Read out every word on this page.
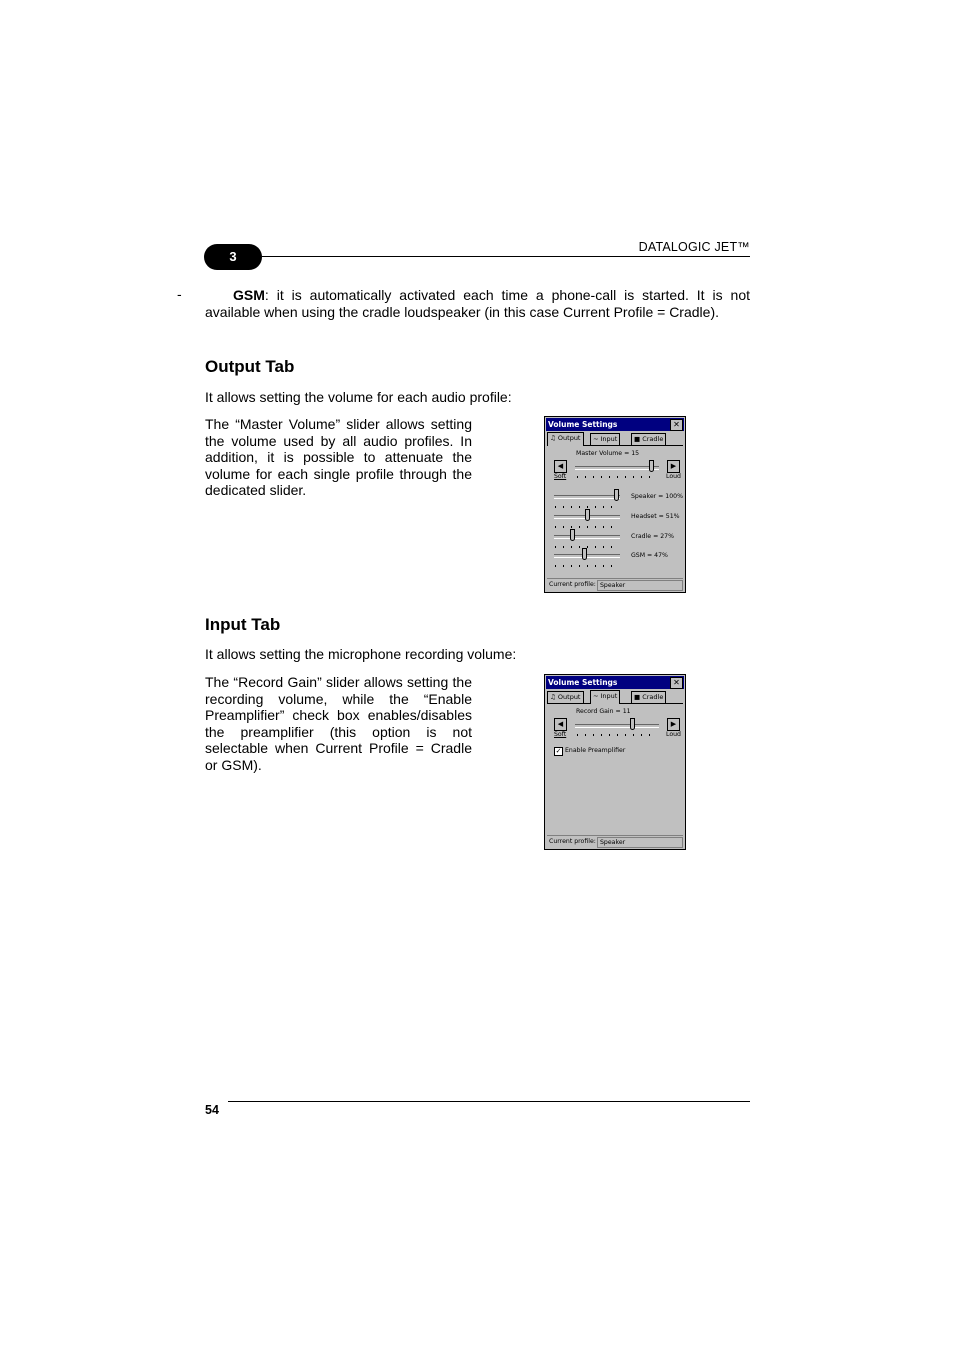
3
DATALOGIC JET™
-	GSM: it is automatically activated each time a phone-call is started. It is not available when using the cradle loudspeaker (in this case Current Profile = Cradle).
Output Tab
It allows setting the volume for each audio profile:
The “Master Volume” slider allows setting the volume used by all audio profiles. In addition, it is possible to attenuate the volume for each single profile through the dedicated slider.
Volume Settings	✕
♫ Output	∼ Input	■ Cradle
Master Volume = 15
◀	▶
Soft	Loud
Speaker = 100%
Headset = 51%
Cradle = 27%
GSM = 47%
Current profile: Speaker
Input Tab
It allows setting the microphone recording volume:
The “Record Gain” slider allows setting the recording volume, while the “Enable Preamplifier” check box enables/disables the preamplifier (this option is not selectable when Current Profile = Cradle or GSM).
Volume Settings	✕
♫ Output	∼ Input	■ Cradle
Record Gain = 11
◀	▶
Soft	Loud
✓ Enable Preamplifier
Current profile: Speaker
54
